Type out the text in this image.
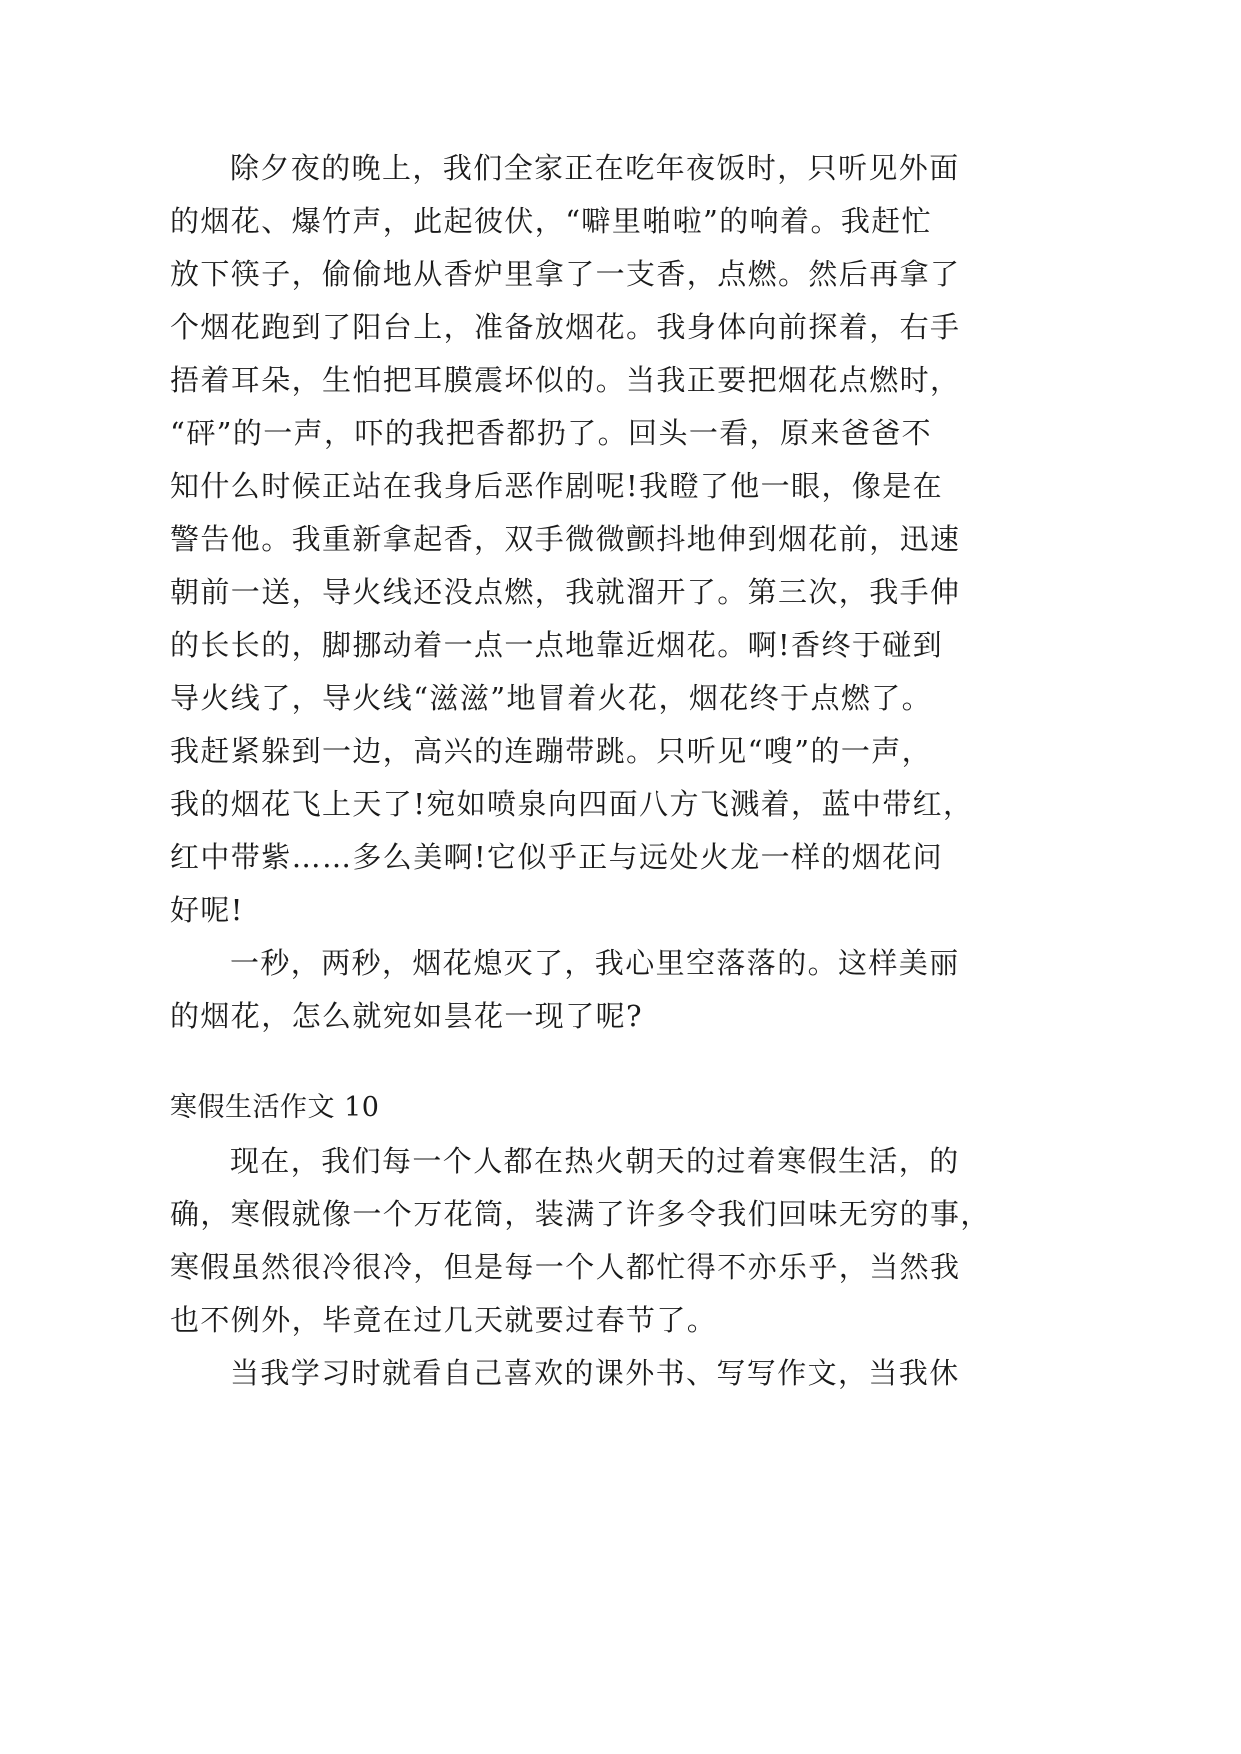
除夕夜的晚上，我们全家正在吃年夜饭时，只听见外面
的烟花、爆竹声，此起彼伏，“噼里啪啦”的响着。我赶忙
放下筷子，偷偷地从香炉里拿了一支香，点燃。然后再拿了
个烟花跑到了阳台上，准备放烟花。我身体向前探着，右手
捂着耳朵，生怕把耳膜震坏似的。当我正要把烟花点燃时，
“砰”的一声，吓的我把香都扔了。回头一看，原来爸爸不
知什么时候正站在我身后恶作剧呢!我瞪了他一眼，像是在
警告他。我重新拿起香，双手微微颤抖地伸到烟花前，迅速
朝前一送，导火线还没点燃，我就溜开了。第三次，我手伸
的长长的，脚挪动着一点一点地靠近烟花。啊!香终于碰到
导火线了，导火线“滋滋”地冒着火花，烟花终于点燃了。
我赶紧躲到一边，高兴的连蹦带跳。只听见“嗖”的一声，
我的烟花飞上天了!宛如喷泉向四面八方飞溅着，蓝中带红，
红中带紫……多么美啊!它似乎正与远处火龙一样的烟花问
好呢!
一秒，两秒，烟花熄灭了，我心里空落落的。这样美丽
的烟花，怎么就宛如昙花一现了呢?
寒假生活作文 10
现在，我们每一个人都在热火朝天的过着寒假生活，的
确，寒假就像一个万花筒，装满了许多令我们回味无穷的事，
寒假虽然很冷很冷，但是每一个人都忙得不亦乐乎，当然我
也不例外，毕竟在过几天就要过春节了。
当我学习时就看自己喜欢的课外书、写写作文，当我休
